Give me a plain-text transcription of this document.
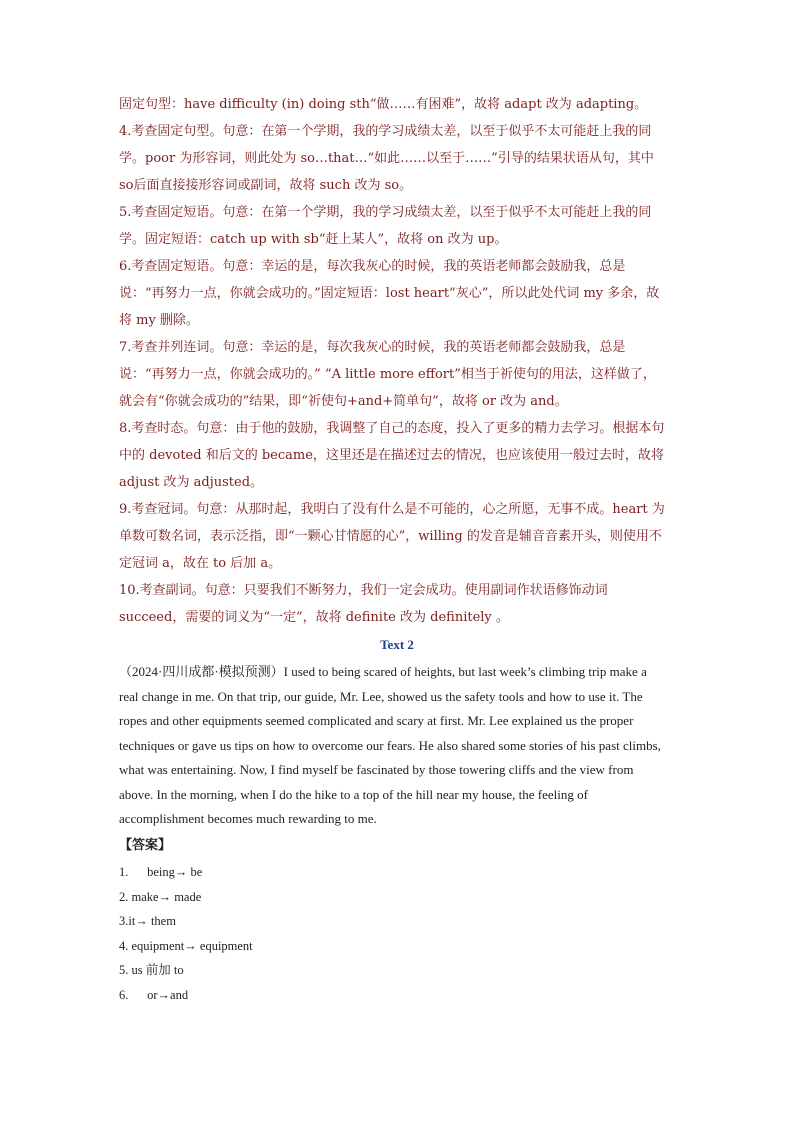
固定句型：have difficulty (in) doing sth“做……有困难”，故将 adapt 改为 adapting。

4.考查固定句型。句意：在第一个学期，我的学习成绩太差，以至于似乎不太可能赶上我的同学。poor 为形容词，则此处为 so…that…“如此……以至于……”引导的结果状语从句，其中 so后面直接接形容词或副词，故将 such 改为 so。

5.考查固定短语。句意：在第一个学期，我的学习成绩太差，以至于似乎不太可能赶上我的同学。固定短语：catch up with sb“赶上某人”，故将 on 改为 up。

6.考查固定短语。句意：幸运的是，每次我灰心的时候，我的英语老师都会鼓励我，总是说：“再努力一点，你就会成功的。”固定短语：lost heart“灰心”，所以此处代词 my 多余，故将 my 删除。

7.考查并列连词。句意：幸运的是，每次我灰心的时候，我的英语老师都会鼓励我，总是说：“再努力一点，你就会成功的。” “A little more effort”相当于祈使句的用法，这样做了，就会有“你就会成功的”结果，即“祈使句+and+简单句”，故将 or 改为 and。

8.考查时态。句意：由于他的鼓励，我调整了自己的态度，投入了更多的精力去学习。根据本句中的 devoted 和后文的 became，这里还是在描述过去的情况，也应该使用一般过去时，故将 adjust 改为 adjusted。

9.考查冠词。句意：从那时起，我明白了没有什么是不可能的，心之所愿，无事不成。heart 为单数可数名词，表示泛指，即“一颗心甘情愿的心”，willing 的发音是辅音音素开头，则使用不定冠词 a，故在 to 后加 a。

10.考查副词。句意：只要我们不断努力，我们一定会成功。使用副词作状语修饰动词 succeed，需要的词义为“一定”，故将 definite 改为 definitely 。

Text 2

（2024·四川成都·模拟预测）I used to being scared of heights, but last week’s climbing trip make a real change in me. On that trip, our guide, Mr. Lee, showed us the safety tools and how to use it. The ropes and other equipments seemed complicated and scary at first. Mr. Lee explained us the proper techniques or gave us tips on how to overcome our fears. He also shared some stories of his past climbs, what was entertaining. Now, I find myself be fascinated by those towering cliffs and the view from above. In the morning, when I do the hike to a top of the hill near my house, the feeling of accomplishment becomes much rewarding to me.

【答案】
1.      being→ be
2. make→ made
3.it→ them
4. equipment→ equipment
5. us 前加 to
6.      or→and
